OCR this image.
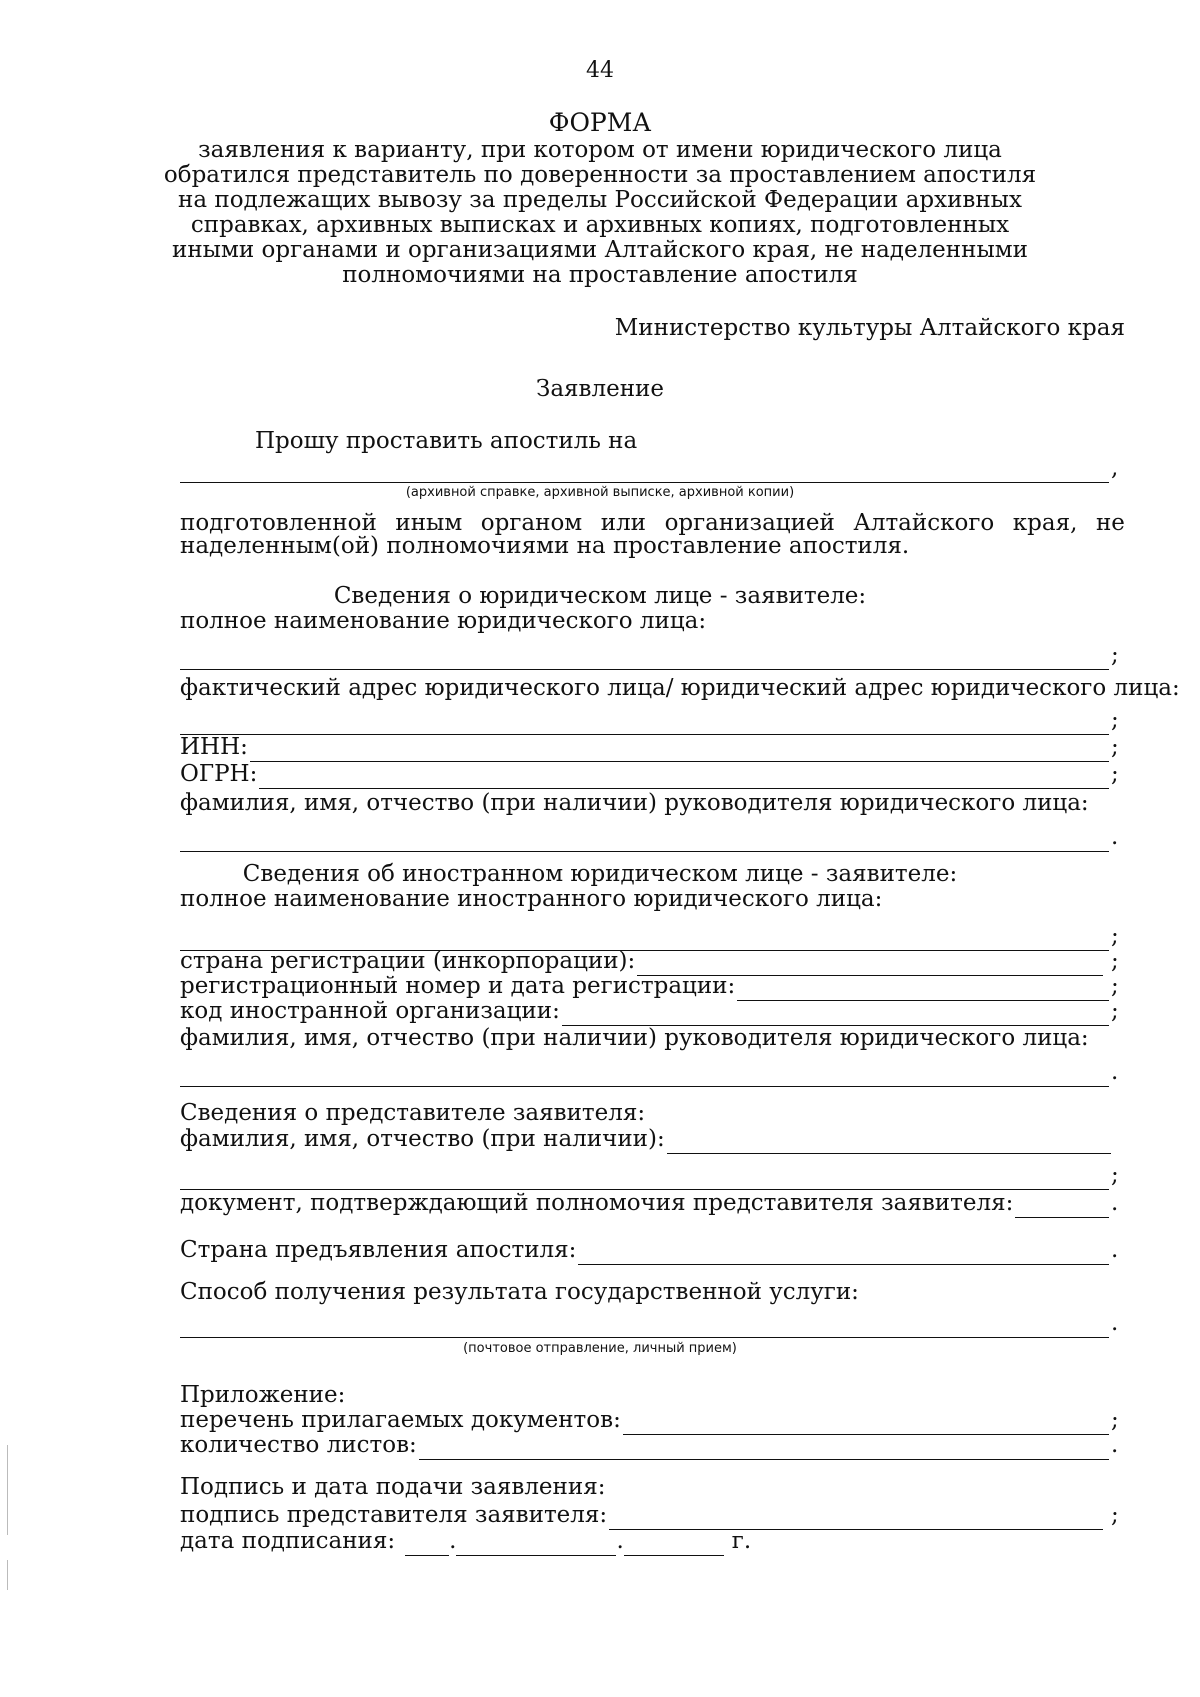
44
ФОРМА
заявления к варианту, при котором от имени юридического лица
обратился представитель по доверенности за проставлением апостиля
на подлежащих вывозу за пределы Российской Федерации архивных
справках, архивных выписках и архивных копиях, подготовленных
иными органами и организациями Алтайского края, не наделенными
полномочиями на проставление апостиля
Министерство культуры Алтайского края
Заявление
Прошу проставить апостиль на
,
(архивной справке, архивной выписке, архивной копии)
подготовленной иным органом или организацией Алтайского края, не
наделенным(ой) полномочиями на проставление апостиля.
Сведения о юридическом лице - заявителе:
полное наименование юридического лица:
;
фактический адрес юридического лица/ юридический адрес юридического лица:
;
ИНН:	;
ОГРН:	;
фамилия, имя, отчество (при наличии) руководителя юридического лица:
.
Сведения об иностранном юридическом лице - заявителе:
полное наименование иностранного юридического лица:
;
страна регистрации (инкорпорации):	;
регистрационный номер и дата регистрации:	;
код иностранной организации:	;
фамилия, имя, отчество (при наличии) руководителя юридического лица:
.
Сведения о представителе заявителя:
фамилия, имя, отчество (при наличии):
;
документ, подтверждающий полномочия представителя заявителя:	.
Страна предъявления апостиля:	.
Способ получения результата государственной услуги:
.
(почтовое отправление, личный прием)
Приложение:
перечень прилагаемых документов:	;
количество листов:	.
Подпись и дата подачи заявления:
подпись представителя заявителя:	;
дата подписания: .	.	г.
